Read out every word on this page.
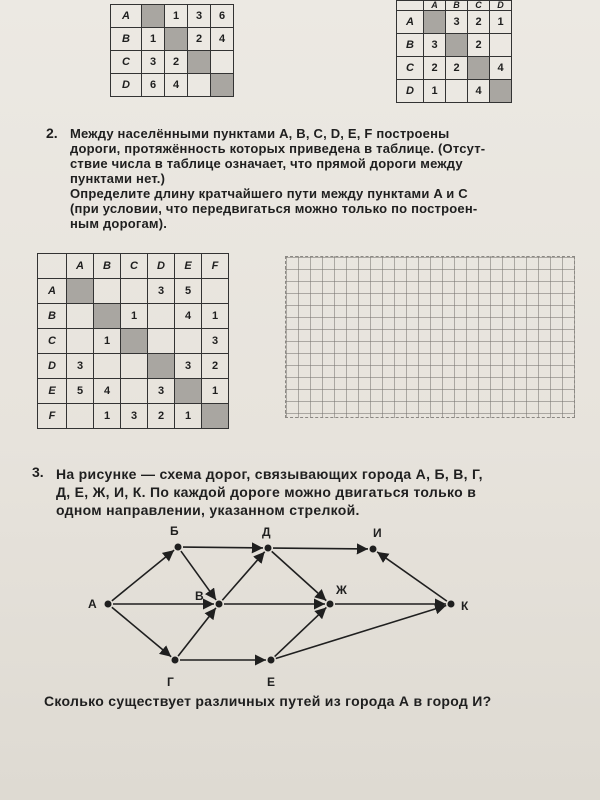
A		1	3	6
B	1		2	4
C	3	2		
D	6	4		
	A	B	C	D
A		3	2	1
B	3		2	
C	2	2		4
D	1		4	
2. Между населёнными пунктами A, B, C, D, E, F построены
дороги, протяжённость которых приведена в таблице. (Отсут-
ствие числа в таблице означает, что прямой дороги между
пунктами нет.)
Определите длину кратчайшего пути между пунктами A и C
(при условии, что передвигаться можно только по построен-
ным дорогам).
	A	B	C	D	E	F
A				3	5	
B			1		4	1
C		1				3
D	3				3	2
E	5	4		3		1
F		1	3	2	1	
3. На рисунке — схема дорог, связывающих города А, Б, В, Г,
Д, Е, Ж, И, К. По каждой дороге можно двигаться только в
одном направлении, указанном стрелкой.
А
Б
В
Г
Д
Е
Ж
И
К
Сколько существует различных путей из города А в город И?
